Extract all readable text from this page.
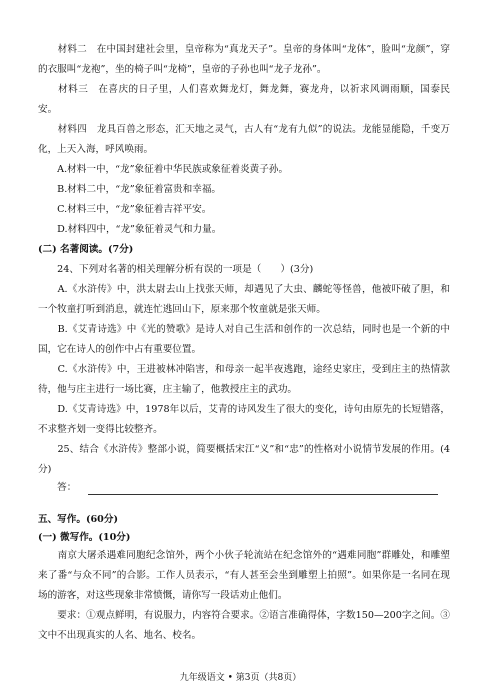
　　材料二　在中国封建社会里，皇帝称为“真龙天子”。皇帝的身体叫“龙体”，脸叫“龙颜”，穿的衣服叫“龙袍”，坐的椅子叫“龙椅”，皇帝的子孙也叫“龙子龙孙”。
　　材料三　在喜庆的日子里，人们喜欢舞龙灯，舞龙舞，赛龙舟，以祈求风调雨顺，国泰民安。
　　材料四　龙具百兽之形态，汇天地之灵气，古人有“龙有九似”的说法。龙能显能隐，千变万化，上天入海，呼风唤雨。
　　A.材料一中，“龙”象征着中华民族或象征着炎黄子孙。
　　B.材料二中，“龙”象征着富贵和幸福。
　　C.材料三中，“龙”象征着吉祥平安。
　　D.材料四中，“龙”象征着灵气和力量。
(二) 名著阅读。(7分)
　　24、下列对名著的相关理解分析有误的一项是（　　）(3分)
　　A.《水浒传》中，洪太尉去山上找张天师，却遇见了大虫、麟蛇等怪兽，他被吓破了胆，和一个牧童打听到消息，就连忙逃回山下，原来那个牧童就是张天师。
　　B.《艾青诗选》中《光的赞歌》是诗人对自己生活和创作的一次总结，同时也是一个新的中国，它在诗人的创作中占有重要位置。
　　C.《水浒传》中，王进被林冲陷害，和母亲一起半夜逃跑，途经史家庄，受到庄主的热情款待，他与庄主进行一场比赛，庄主输了，他教授庄主的武功。
　　D.《艾青诗选》中，1978年以后，艾青的诗风发生了很大的变化，诗句由原先的长短错落，不求整齐划一变得比较整齐。
　　25、结合《水浒传》整部小说，简要概括宋江“义”和“忠”的性格对小说情节发展的作用。(4分)
　　答：
五、写作。(60分)
(一) 微写作。(10分)
　　南京大屠杀遇难同胞纪念馆外，两个小伙子轮流站在纪念馆外的“遇难同胞”群雕处，和雕塑来了番“与众不同”的合影。工作人员表示，“有人甚至会坐到雕塑上拍照”。如果你是一名同在现场的游客，对这些现象非常愤慨，请你写一段话劝止他们。
　　要求：①观点鲜明，有说服力，内容符合要求。②语言准确得体，字数150—200字之间。③文中不出现真实的人名、地名、校名。
九年级语文 • 第3页（共8页）
